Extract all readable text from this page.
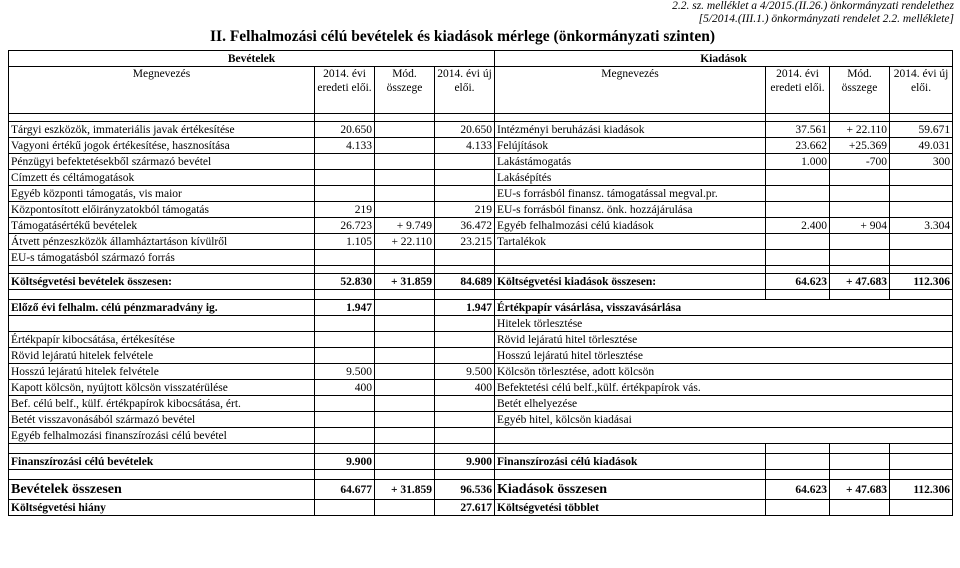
2.2. sz. melléklet a 4/2015.(II.26.) önkormányzati rendelethez
[5/2014.(III.1.) önkormányzati rendelet 2.2. melléklete]
II. Felhalmozási célú bevételek és kiadások mérlege (önkormányzati szinten)
Bevételek				Kiadások			
Megnevezés	2014. évi eredeti elői.	Mód. összege	2014. évi új elői.	Megnevezés	2014. évi eredeti elői.	Mód. összege	2014. évi új elői.

Tárgyi eszközök, immateriális javak értékesítése	20.650		20.650	Intézményi beruházási kiadások	37.561	+ 22.110	59.671
Vagyoni értékű jogok értékesítése, hasznosítása	4.133		4.133	Felújítások	23.662	+25.369	49.031
Pénzügyi befektetésekből származó bevétel				Lakástámogatás	1.000	-700	300
Címzett és céltámogatások				Lakásépítés			
Egyéb központi támogatás, vis maior				EU-s forrásból finansz. támogatással megval.pr.			
Központosított előirányzatokból támogatás	219		219	EU-s forrásból finansz. önk. hozzájárulása			
Támogatásértékű bevételek	26.723	+ 9.749	36.472	Egyéb felhalmozási célú kiadások	2.400	+ 904	3.304
Átvett pénzeszközök államháztartáson kívülről	1.105	+ 22.110	23.215	Tartalékok			
EU-s támogatásból származó forrás							

Költségvetési bevételek összesen:	52.830	+ 31.859	84.689	Költségvetési kiadások összesen:	64.623	+ 47.683	112.306

Előző évi felhalm. célú pénzmaradvány ig.	1.947		1.947	Értékpapír vásárlása, visszavásárlása			
				Hitelek törlesztése			
Értékpapír kibocsátása, értékesítése				Rövid lejáratú hitel törlesztése			
Rövid lejáratú hitelek felvétele				Hosszú lejáratú hitel törlesztése			
Hosszú lejáratú hitelek felvétele	9.500		9.500	Kölcsön törlesztése, adott kölcsön			
Kapott kölcsön, nyújtott kölcsön visszatérülése	400		400	Befektetési célú belf.,külf. értékpapírok vás.			
Bef. célú belf., külf. értékpapírok kibocsátása, ért.				Betét elhelyezése			
Betét visszavonásából származó bevétel				Egyéb hitel, kölcsön kiadásai			
Egyéb felhalmozási finanszírozási célú bevétel							

Finanszírozási célú bevételek	9.900		9.900	Finanszírozási célú kiadások			

Bevételek összesen	64.677	+ 31.859	96.536	Kiadások összesen	64.623	+ 47.683	112.306
Költségvetési hiány			27.617	Költségvetési többlet			
